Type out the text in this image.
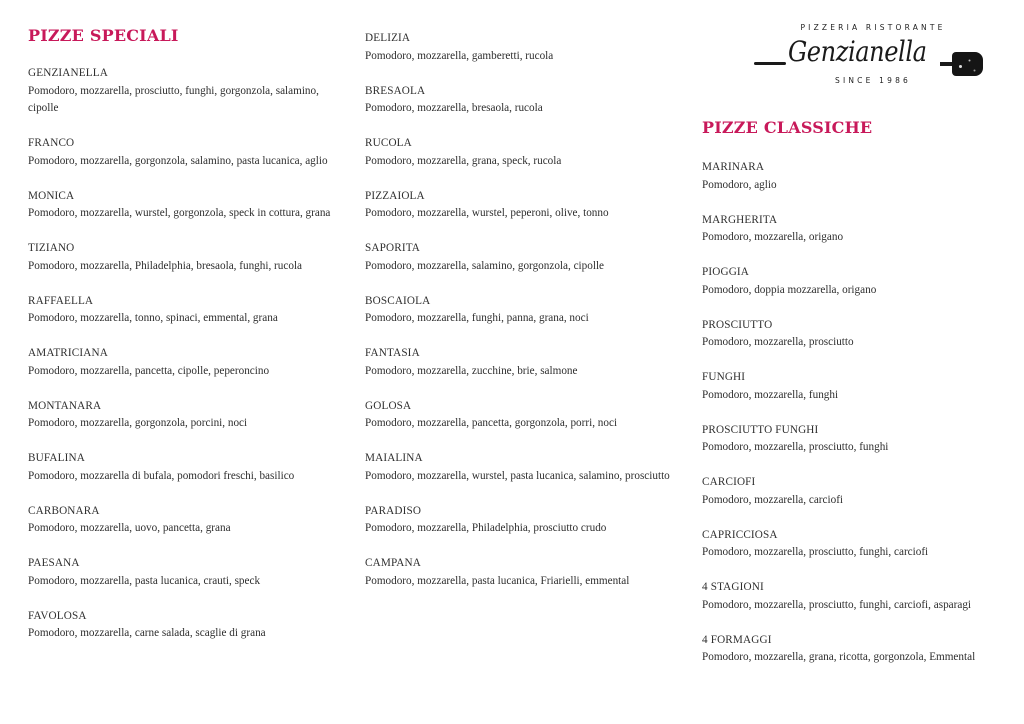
PIZZE SPECIALI
GENZIANELLA
Pomodoro, mozzarella, prosciutto, funghi, gorgonzola, salamino, cipolle
FRANCO
Pomodoro, mozzarella, gorgonzola, salamino, pasta lucanica, aglio
MONICA
Pomodoro, mozzarella, wurstel, gorgonzola, speck in cottura, grana
TIZIANO
Pomodoro, mozzarella, Philadelphia, bresaola, funghi, rucola
RAFFAELLA
Pomodoro, mozzarella, tonno, spinaci, emmental, grana
AMATRICIANA
Pomodoro, mozzarella, pancetta, cipolle, peperoncino
MONTANARA
Pomodoro, mozzarella, gorgonzola, porcini, noci
BUFALINA
Pomodoro, mozzarella di bufala, pomodori freschi, basilico
CARBONARA
Pomodoro, mozzarella, uovo, pancetta, grana
PAESANA
Pomodoro, mozzarella, pasta lucanica, crauti, speck
FAVOLOSA
Pomodoro, mozzarella, carne salada, scaglie di grana
DELIZIA
Pomodoro, mozzarella, gamberetti, rucola
BRESAOLA
Pomodoro, mozzarella, bresaola, rucola
RUCOLA
Pomodoro, mozzarella, grana, speck, rucola
PIZZAIOLA
Pomodoro, mozzarella, wurstel, peperoni, olive, tonno
SAPORITA
Pomodoro, mozzarella, salamino, gorgonzola, cipolle
BOSCAIOLA
Pomodoro, mozzarella, funghi, panna, grana, noci
FANTASIA
Pomodoro, mozzarella, zucchine, brie, salmone
GOLOSA
Pomodoro, mozzarella, pancetta, gorgonzola, porri, noci
MAIALINA
Pomodoro, mozzarella, wurstel, pasta lucanica, salamino, prosciutto
PARADISO
Pomodoro, mozzarella, Philadelphia, prosciutto crudo
CAMPANA
Pomodoro, mozzarella, pasta lucanica, Friarielli, emmental
PIZZERIA RISTORANTE
Genzianella
SINCE 1986
PIZZE CLASSICHE
MARINARA
Pomodoro, aglio
MARGHERITA
Pomodoro, mozzarella, origano
PIOGGIA
Pomodoro, doppia mozzarella, origano
PROSCIUTTO
Pomodoro, mozzarella, prosciutto
FUNGHI
Pomodoro, mozzarella, funghi
PROSCIUTTO FUNGHI
Pomodoro, mozzarella, prosciutto, funghi
CARCIOFI
Pomodoro, mozzarella, carciofi
CAPRICCIOSA
Pomodoro, mozzarella, prosciutto, funghi, carciofi
4 STAGIONI
Pomodoro, mozzarella, prosciutto, funghi, carciofi, asparagi
4 FORMAGGI
Pomodoro, mozzarella, grana, ricotta, gorgonzola, Emmental
